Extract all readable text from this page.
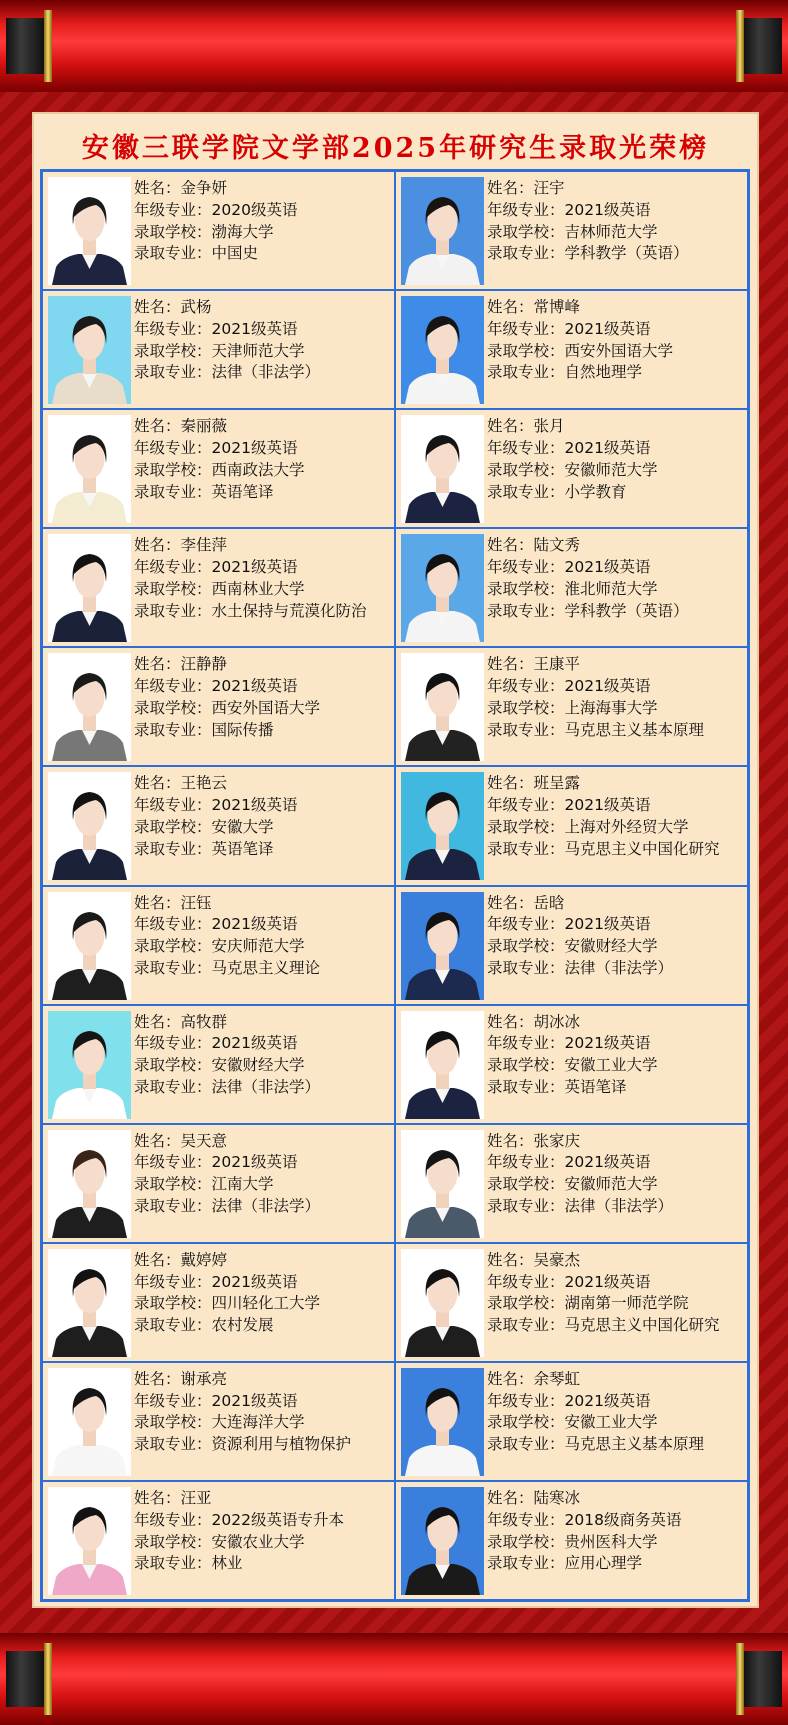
安徽三联学院文学部2025年研究生录取光荣榜
姓名：金争妍
年级专业：2020级英语
录取学校：渤海大学
录取专业：中国史
姓名：汪宇
年级专业：2021级英语
录取学校：吉林师范大学
录取专业：学科教学（英语）
姓名：武杨
年级专业：2021级英语
录取学校：天津师范大学
录取专业：法律（非法学）
姓名：常博峰
年级专业：2021级英语
录取学校：西安外国语大学
录取专业：自然地理学
姓名：秦丽薇
年级专业：2021级英语
录取学校：西南政法大学
录取专业：英语笔译
姓名：张月
年级专业：2021级英语
录取学校：安徽师范大学
录取专业：小学教育
姓名：李佳萍
年级专业：2021级英语
录取学校：西南林业大学
录取专业：水土保持与荒漠化防治
姓名：陆文秀
年级专业：2021级英语
录取学校：淮北师范大学
录取专业：学科教学（英语）
姓名：汪静静
年级专业：2021级英语
录取学校：西安外国语大学
录取专业：国际传播
姓名：王康平
年级专业：2021级英语
录取学校：上海海事大学
录取专业：马克思主义基本原理
姓名：王艳云
年级专业：2021级英语
录取学校：安徽大学
录取专业：英语笔译
姓名：班呈露
年级专业：2021级英语
录取学校：上海对外经贸大学
录取专业：马克思主义中国化研究
姓名：汪钰
年级专业：2021级英语
录取学校：安庆师范大学
录取专业：马克思主义理论
姓名：岳晗
年级专业：2021级英语
录取学校：安徽财经大学
录取专业：法律（非法学）
姓名：高牧群
年级专业：2021级英语
录取学校：安徽财经大学
录取专业：法律（非法学）
姓名：胡冰冰
年级专业：2021级英语
录取学校：安徽工业大学
录取专业：英语笔译
姓名：吴天意
年级专业：2021级英语
录取学校：江南大学
录取专业：法律（非法学）
姓名：张家庆
年级专业：2021级英语
录取学校：安徽师范大学
录取专业：法律（非法学）
姓名：戴婷婷
年级专业：2021级英语
录取学校：四川轻化工大学
录取专业：农村发展
姓名：吴豪杰
年级专业：2021级英语
录取学校：湖南第一师范学院
录取专业：马克思主义中国化研究
姓名：谢承亮
年级专业：2021级英语
录取学校：大连海洋大学
录取专业：资源利用与植物保护
姓名：余琴虹
年级专业：2021级英语
录取学校：安徽工业大学
录取专业：马克思主义基本原理
姓名：汪亚
年级专业：2022级英语专升本
录取学校：安徽农业大学
录取专业：林业
姓名：陆寒冰
年级专业：2018级商务英语
录取学校：贵州医科大学
录取专业：应用心理学
